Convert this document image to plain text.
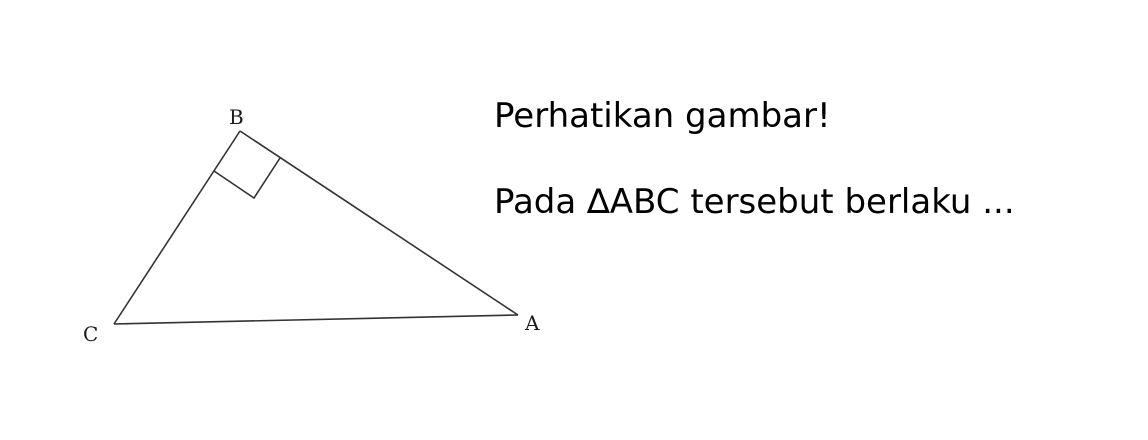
B
C	A
Perhatikan gambar!
Pada ∆ABC tersebut berlaku ...
